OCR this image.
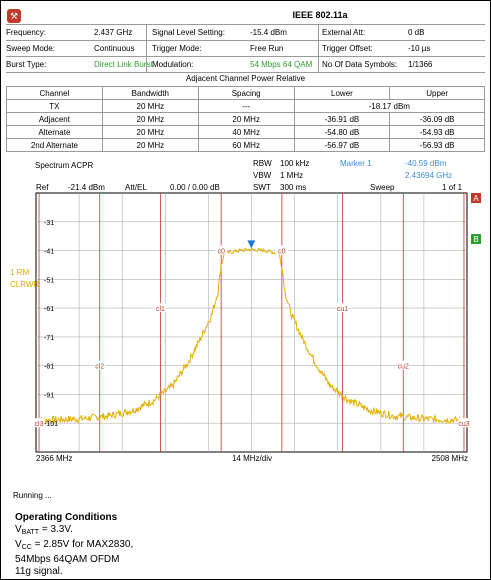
⚒	IEEE 802.11a
Frequency:	2.437 GHz Signal Level Setting:	-15.4 dBm	External Att:	0 dB
Sweep Mode:	Continuous Trigger Mode:	Free Run	Trigger Offset:	-10 µs
Burst Type:	Direct Link Burst Modulation:	54 Mbps 64 QAM No Of Data Symbols: 1/1366
Adjacent Channel Power Relative
Channel	Bandwidth	Spacing	Lower	Upper
TX	20 MHz	---	-18.17 dBm	
Adjacent	20 MHz	20 MHz	-36.91 dB	-36.09 dB
Alternate	20 MHz	40 MHz	-54.80 dB	-54.93 dB
2nd Alternate	20 MHz	60 MHz	-56.97 dB	-56.93 dB
Spectrum ACPR	RBW 100 kHz
VBW 1 MHz
SWT 300 ms
Marker 1	-40.59 dBm
2.43694 GHz
Ref -21.4 dBm	Att/EL	0.00 / 0.00 dB	Sweep	1 of 1
1 RM
CLRWR
cl3
cl2
cl1
c0	c0
cu1
cu2
cu3
-31
-41
-51
-61
-71
-81
-91
-101
A
B
2366 MHz	14 MHz/div	2508 MHz
Running ...
Operating Conditions
$V_{BATT} = 3.3V$.
$V_{CC} = 2.85V$ for MAX2830,
54Mbps 64QAM OFDM
11g signal.
